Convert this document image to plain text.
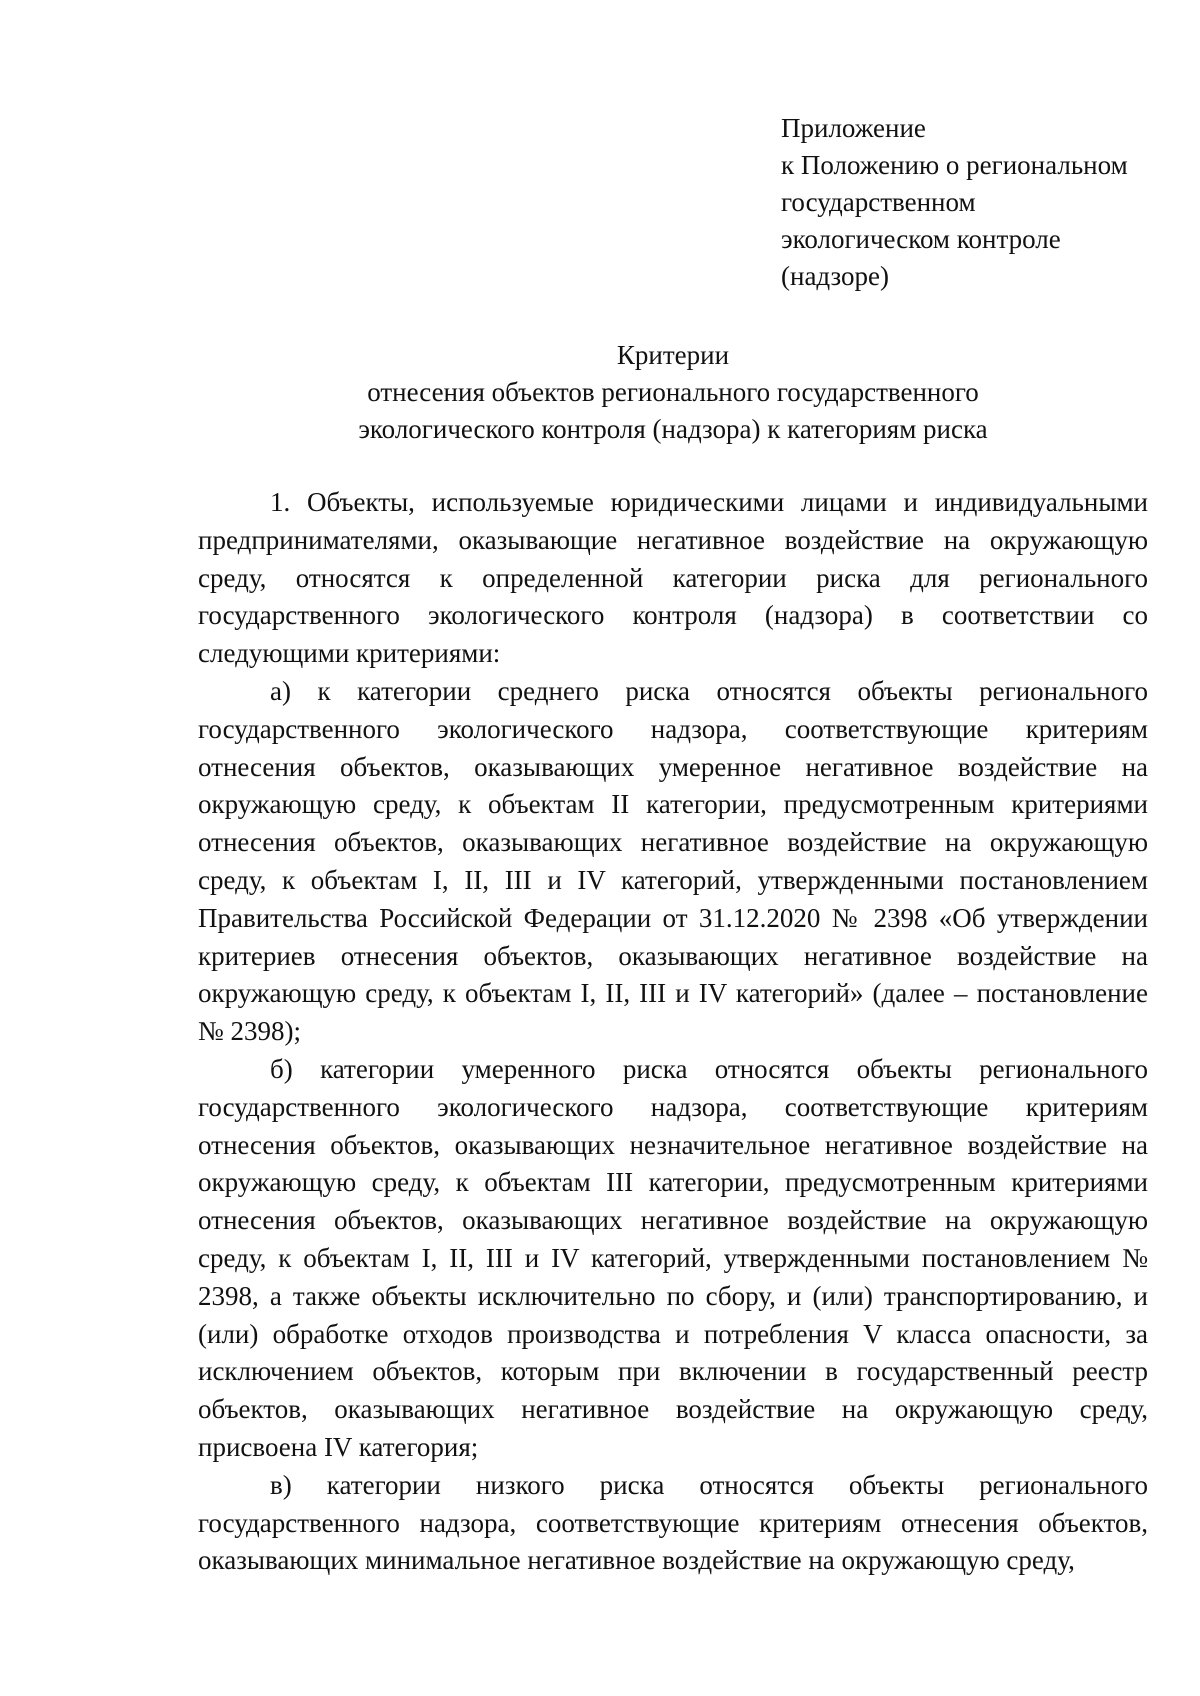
Приложение
к Положению о региональном
государственном
экологическом контроле
(надзоре)
Критерии
отнесения объектов регионального государственного
экологического контроля (надзора) к категориям риска

1. Объекты, используемые юридическими лицами и индивидуальными предпринимателями, оказывающие негативное воздействие на окружающую среду, относятся к определенной категории риска для регионального государственного экологического контроля (надзора) в соответствии со следующими критериями:

а) к категории среднего риска относятся объекты регионального государственного экологического надзора, соответствующие критериям отнесения объектов, оказывающих умеренное негативное воздействие на окружающую среду, к объектам II категории, предусмотренным критериями отнесения объектов, оказывающих негативное воздействие на окружающую среду, к объектам I, II, III и IV категорий, утвержденными постановлением Правительства Российской Федерации от 31.12.2020 № 2398 «Об утверждении критериев отнесения объектов, оказывающих негативное воздействие на окружающую среду, к объектам I, II, III и IV категорий» (далее – постановление № 2398);

б) категории умеренного риска относятся объекты регионального государственного экологического надзора, соответствующие критериям отнесения объектов, оказывающих незначительное негативное воздействие на окружающую среду, к объектам III категории, предусмотренным критериями отнесения объектов, оказывающих негативное воздействие на окружающую среду, к объектам I, II, III и IV категорий, утвержденными постановлением № 2398, а также объекты исключительно по сбору, и (или) транспортированию, и (или) обработке отходов производства и потребления V класса опасности, за исключением объектов, которым при включении в государственный реестр объектов, оказывающих негативное воздействие на окружающую среду, присвоена IV категория;

в) категории низкого риска относятся объекты регионального государственного надзора, соответствующие критериям отнесения объектов, оказывающих минимальное негативное воздействие на окружающую среду,
